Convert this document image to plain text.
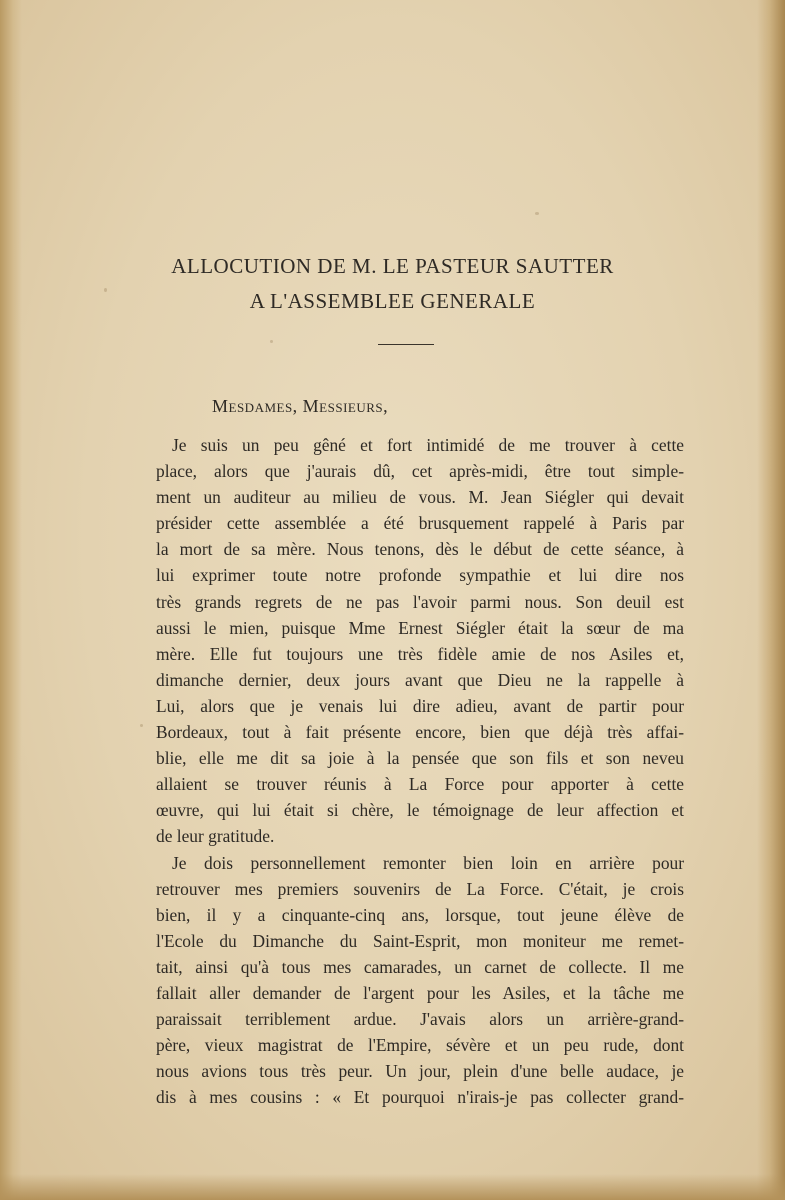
ALLOCUTION DE M. LE PASTEUR SAUTTER
A L'ASSEMBLEE GENERALE
Mesdames, Messieurs,
Je suis un peu gêné et fort intimidé de me trouver à cette
place, alors que j'aurais dû, cet après-midi, être tout simple-
ment un auditeur au milieu de vous. M. Jean Siégler qui devait
présider cette assemblée a été brusquement rappelé à Paris par
la mort de sa mère. Nous tenons, dès le début de cette séance, à
lui exprimer toute notre profonde sympathie et lui dire nos
très grands regrets de ne pas l'avoir parmi nous. Son deuil est
aussi le mien, puisque Mme Ernest Siégler était la sœur de ma
mère. Elle fut toujours une très fidèle amie de nos Asiles et,
dimanche dernier, deux jours avant que Dieu ne la rappelle à
Lui, alors que je venais lui dire adieu, avant de partir pour
Bordeaux, tout à fait présente encore, bien que déjà très affai-
blie, elle me dit sa joie à la pensée que son fils et son neveu
allaient se trouver réunis à La Force pour apporter à cette
œuvre, qui lui était si chère, le témoignage de leur affection et
de leur gratitude.
Je dois personnellement remonter bien loin en arrière pour
retrouver mes premiers souvenirs de La Force. C'était, je crois
bien, il y a cinquante-cinq ans, lorsque, tout jeune élève de
l'Ecole du Dimanche du Saint-Esprit, mon moniteur me remet-
tait, ainsi qu'à tous mes camarades, un carnet de collecte. Il me
fallait aller demander de l'argent pour les Asiles, et la tâche me
paraissait terriblement ardue. J'avais alors un arrière-grand-
père, vieux magistrat de l'Empire, sévère et un peu rude, dont
nous avions tous très peur. Un jour, plein d'une belle audace, je
dis à mes cousins : « Et pourquoi n'irais-je pas collecter grand-
